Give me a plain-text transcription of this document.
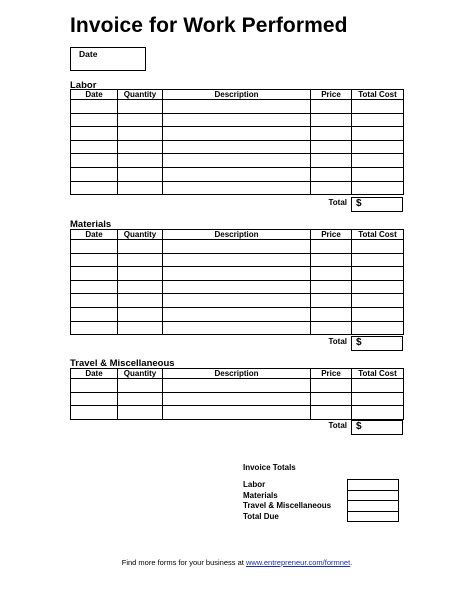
Invoice for Work Performed
Date
Labor
Date	Quantity	Description	Price	Total Cost

Total $
Materials
Date	Quantity	Description	Price	Total Cost

Total $
Travel & Miscellaneous
Date	Quantity	Description	Price	Total Cost

Total $
Invoice Totals
Labor
Materials
Travel & Miscellaneous
Total Due

Find more forms for your business at www.entrepreneur.com/formnet.
